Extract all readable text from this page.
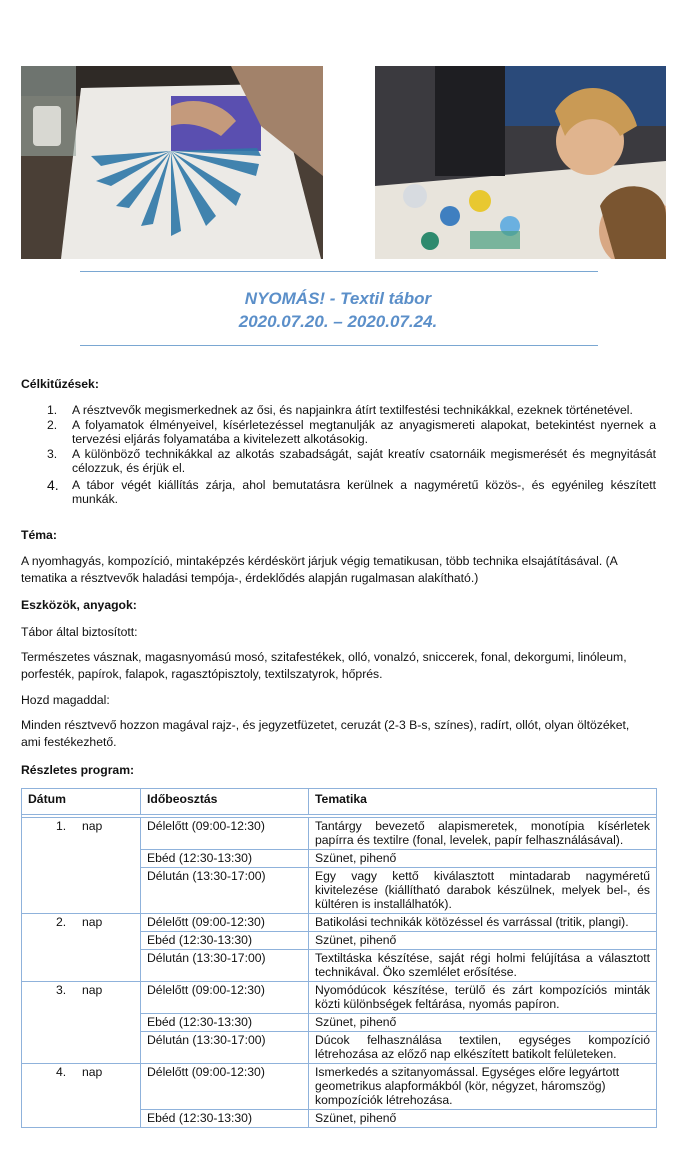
NYOMÁS! - Textil tábor
2020.07.20. – 2020.07.24.
Célkitűzések:
1. A résztvevők megismerkednek az ősi, és napjainkra átírt textilfestési technikákkal, ezeknek történetével.
2. A folyamatok élményeivel, kísérletezéssel megtanulják az anyagismereti alapokat, betekintést nyernek a tervezési eljárás folyamatába a kivitelezett alkotásokig.
3. A különböző technikákkal az alkotás szabadságát, saját kreatív csatornáik megismerését és megnyitását célozzuk, és érjük el.
4. A tábor végét kiállítás zárja, ahol bemutatásra kerülnek a nagyméretű közös-, és egyénileg készített munkák.
Téma:
A nyomhagyás, kompozíció, mintaképzés kérdéskört járjuk végig tematikusan, több technika elsajátításával. (A tematika a résztvevők haladási tempója-, érdeklődés alapján rugalmasan alakítható.)
Eszközök, anyagok:
Tábor által biztosított:
Természetes vásznak, magasnyomású mosó, szitafestékek, olló, vonalzó, sniccerek, fonal, dekorgumi, linóleum, porfesték, papírok, falapok, ragasztópisztoly, textilszatyrok, hőprés.
Hozd magaddal:
Minden résztvevő hozzon magával rajz-, és jegyzetfüzetet, ceruzát (2-3 B-s, színes), radírt, ollót, olyan öltözéket, ami festékezhető.
Részletes program:
Dátum	Időbeosztás	Tematika

1. nap	Délelőtt (09:00-12:30)	Tantárgy bevezető alapismeretek, monotípia kísérletek papírra és textilre (fonal, levelek, papír felhasználásával).
	Ebéd (12:30-13:30)	Szünet, pihenő
	Délután (13:30-17:00)	Egy vagy kettő kiválasztott mintadarab nagyméretű kivitelezése (kiállítható darabok készülnek, melyek bel-, és kültéren is installálhatók).
2. nap	Délelőtt (09:00-12:30)	Batikolási technikák kötözéssel és varrással (tritik, plangi).
	Ebéd (12:30-13:30)	Szünet, pihenő
	Délután (13:30-17:00)	Textiltáska készítése, saját régi holmi felújítása a választott technikával. Öko szemlélet erősítése.
3. nap	Délelőtt (09:00-12:30)	Nyomódúcok készítése, terülő és zárt kompozíciós minták közti különbségek feltárása, nyomás papíron.
	Ebéd (12:30-13:30)	Szünet, pihenő
	Délután (13:30-17:00)	Dúcok felhasználása textilen, egységes kompozíció létrehozása az előző nap elkészített batikolt felületeken.
4. nap	Délelőtt (09:00-12:30)	Ismerkedés a szitanyomással. Egységes előre legyártott geometrikus alapformákból (kör, négyzet, háromszög) kompozíciók létrehozása.
	Ebéd (12:30-13:30)	Szünet, pihenő
